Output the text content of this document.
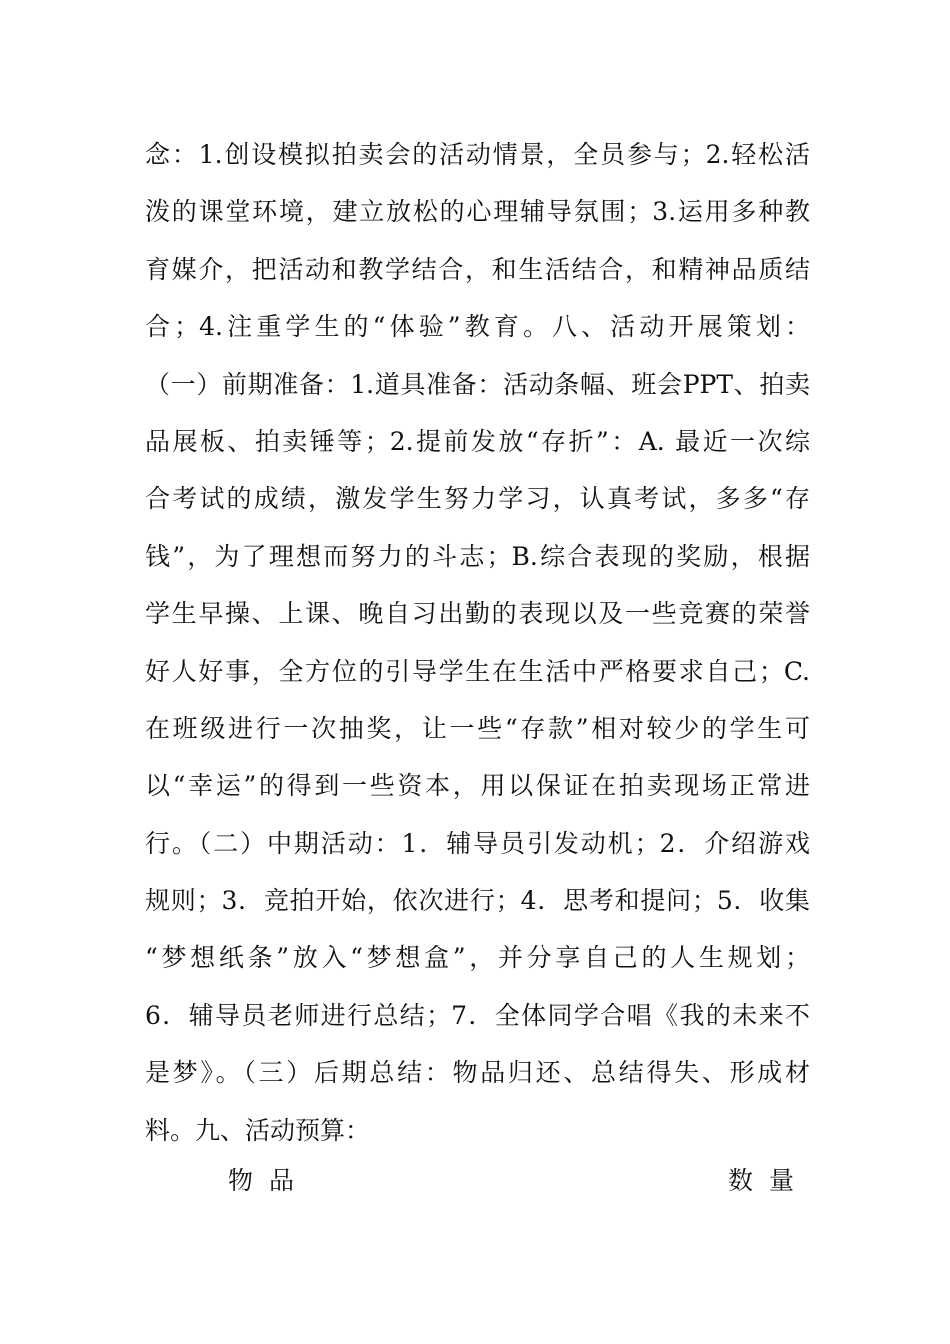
念：1.创设模拟拍卖会的活动情景，全员参与；2.轻松活
泼的课堂环境，建立放松的心理辅导氛围；3.运用多种教
育媒介，把活动和教学结合，和生活结合，和精神品质结
合；4.注重学生的“体验”教育。八、活动开展策划：
（一）前期准备：1.道具准备：活动条幅、班会PPT、拍卖
品展板、拍卖锤等；2.提前发放“存折”：A. 最近一次综
合考试的成绩，激发学生努力学习，认真考试，多多“存
钱”，为了理想而努力的斗志；B.综合表现的奖励，根据
学生早操、上课、晚自习出勤的表现以及一些竞赛的荣誉
好人好事，全方位的引导学生在生活中严格要求自己；C.
在班级进行一次抽奖，让一些“存款”相对较少的学生可
以“幸运”的得到一些资本，用以保证在拍卖现场正常进
行。（二）中期活动：1．辅导员引发动机；2．介绍游戏
规则；3．竞拍开始，依次进行；4．思考和提问；5．收集
“梦想纸条”放入“梦想盒”，并分享自己的人生规划；
6．辅导员老师进行总结；7．全体同学合唱《我的未来不
是梦》。（三）后期总结：物品归还、总结得失、形成材
料。九、活动预算：
物品	数量
